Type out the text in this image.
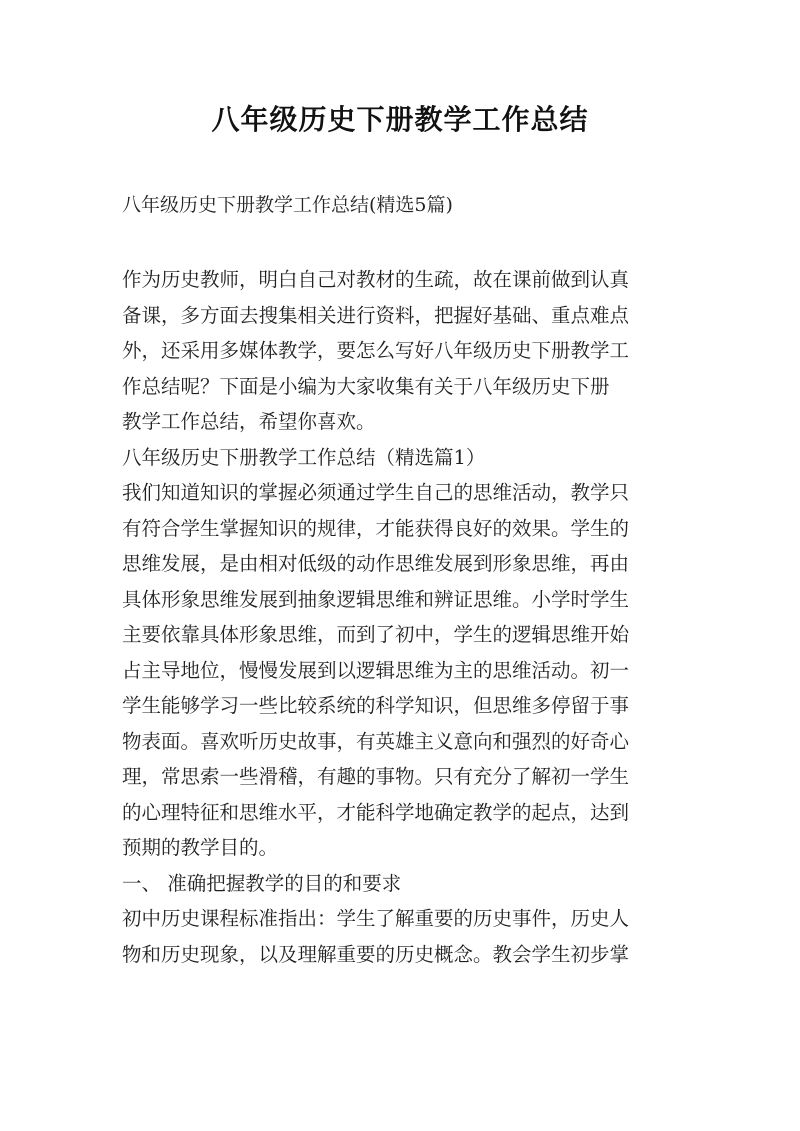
八年级历史下册教学工作总结
八年级历史下册教学工作总结(精选5篇)
作为历史教师，明白自己对教材的生疏，故在课前做到认真
备课，多方面去搜集相关进行资料，把握好基础、重点难点
外，还采用多媒体教学，要怎么写好八年级历史下册教学工
作总结呢？下面是小编为大家收集有关于八年级历史下册
教学工作总结，希望你喜欢。
八年级历史下册教学工作总结（精选篇1）
我们知道知识的掌握必须通过学生自己的思维活动，教学只
有符合学生掌握知识的规律，才能获得良好的效果。学生的
思维发展，是由相对低级的动作思维发展到形象思维，再由
具体形象思维发展到抽象逻辑思维和辨证思维。小学时学生
主要依靠具体形象思维，而到了初中，学生的逻辑思维开始
占主导地位，慢慢发展到以逻辑思维为主的思维活动。初一
学生能够学习一些比较系统的科学知识，但思维多停留于事
物表面。喜欢听历史故事，有英雄主义意向和强烈的好奇心
理，常思索一些滑稽，有趣的事物。只有充分了解初一学生
的心理特征和思维水平，才能科学地确定教学的起点，达到
预期的教学目的。
一、 准确把握教学的目的和要求
初中历史课程标准指出：学生了解重要的历史事件，历史人
物和历史现象，以及理解重要的历史概念。教会学生初步掌
